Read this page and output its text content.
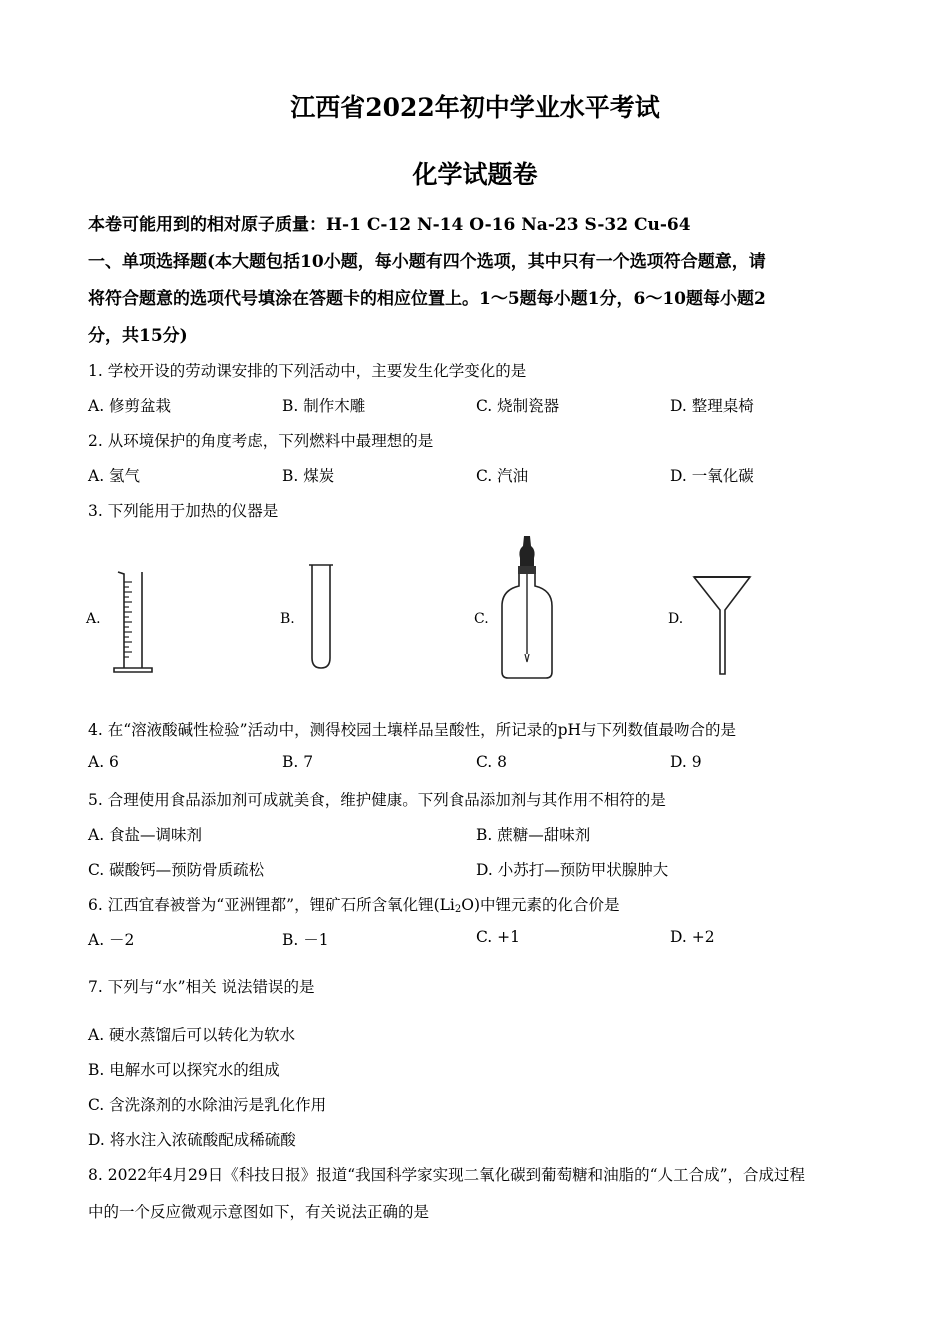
江西省2022年初中学业水平考试
化学试题卷
本卷可能用到的相对原子质量：H-1 C-12 N-14 O-16 Na-23 S-32 Cu-64
一、单项选择题(本大题包括10小题，每小题有四个选项，其中只有一个选项符合题意，请
将符合题意的选项代号填涂在答题卡的相应位置上。1～5题每小题1分，6～10题每小题2
分，共15分)
1. 学校开设的劳动课安排的下列活动中，主要发生化学变化的是
A. 修剪盆栽	B. 制作木雕	C. 烧制瓷器	D. 整理桌椅
2. 从环境保护的角度考虑，下列燃料中最理想的是
A. 氢气	B. 煤炭	C. 汽油	D. 一氧化碳
3. 下列能用于加热的仪器是
A.	B.	C.	D.
4. 在“溶液酸碱性检验”活动中，测得校园土壤样品呈酸性，所记录的pH与下列数值最吻合的是
A. 6	B. 7	C. 8	D. 9
5. 合理使用食品添加剂可成就美食，维护健康。下列食品添加剂与其作用不相符的是
A. 食盐—调味剂	B. 蔗糖—甜味剂
C. 碳酸钙—预防骨质疏松	D. 小苏打—预防甲状腺肿大
6. 江西宜春被誉为“亚洲锂都”，锂矿石所含氧化锂$(Li_2O)$中锂元素的化合价是
A. －2	B. －1	C. +1	D. +2
7. 下列与“水”相关 说法错误的是
A. 硬水蒸馏后可以转化为软水
B. 电解水可以探究水的组成
C. 含洗涤剂的水除油污是乳化作用
D. 将水注入浓硫酸配成稀硫酸
8. 2022年4月29日《科技日报》报道“我国科学家实现二氧化碳到葡萄糖和油脂的“人工合成”，合成过程
中的一个反应微观示意图如下，有关说法正确的是
